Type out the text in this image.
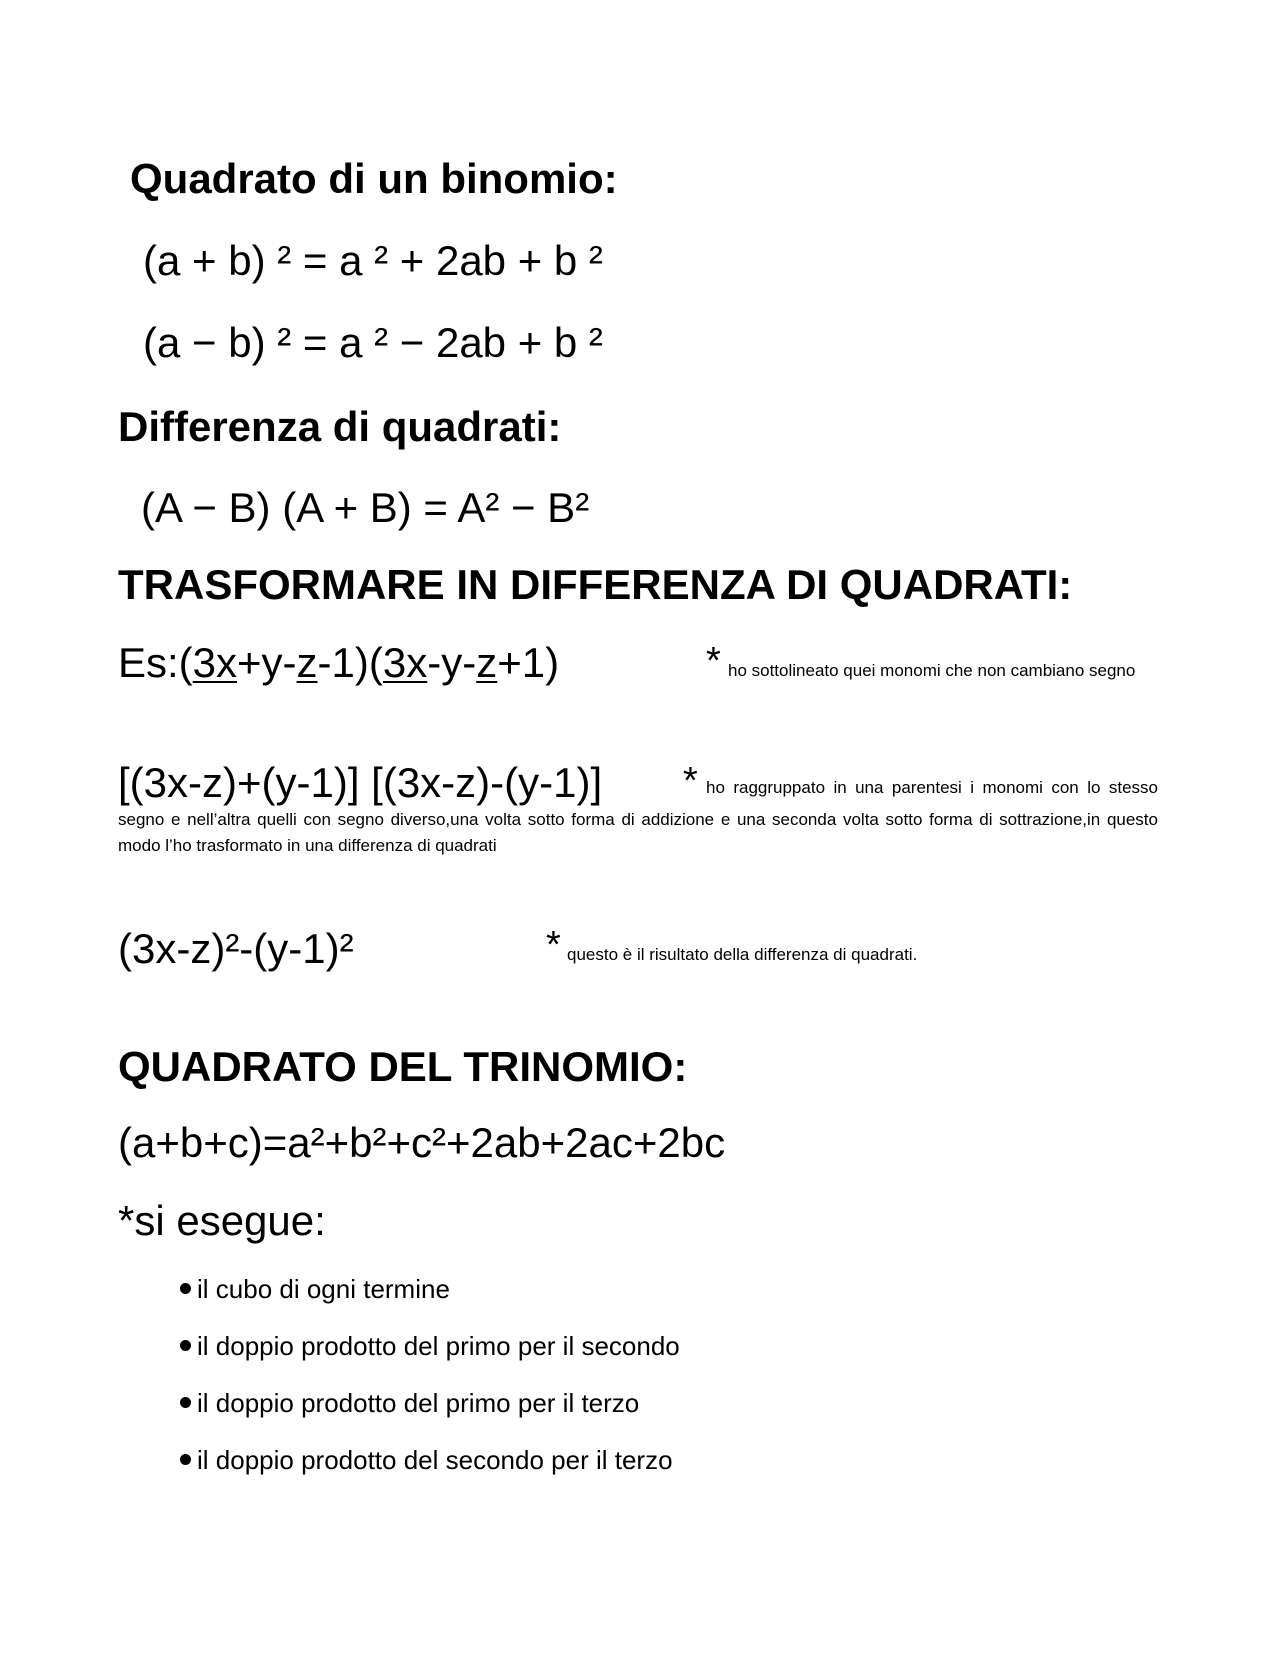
Quadrato di un binomio:
(a + b) ² = a ² + 2ab + b ²
(a − b) ² = a ² − 2ab + b ²
Differenza di quadrati:
(A − B) (A + B) = A² − B²
TRASFORMARE IN DIFFERENZA DI QUADRATI:
Es:(3x+y-z-1)(3x-y-z+1)	* ho sottolineato quei monomi che non cambiano segno
[(3x-z)+(y-1)] [(3x-z)-(y-1)] * ho raggruppato in una parentesi i monomi con lo stesso
segno e nell’altra quelli con segno diverso,una volta sotto forma di addizione e una seconda volta sotto forma di sottrazione,in questo modo l’ho trasformato in una differenza di quadrati
(3x-z)²-(y-1)²	* questo è il risultato della differenza di quadrati.
QUADRATO DEL TRINOMIO:
(a+b+c)=a²+b²+c²+2ab+2ac+2bc
*si esegue:
il cubo di ogni termine
il doppio prodotto del primo per il secondo
il doppio prodotto del primo per il terzo
il doppio prodotto del secondo per il terzo
